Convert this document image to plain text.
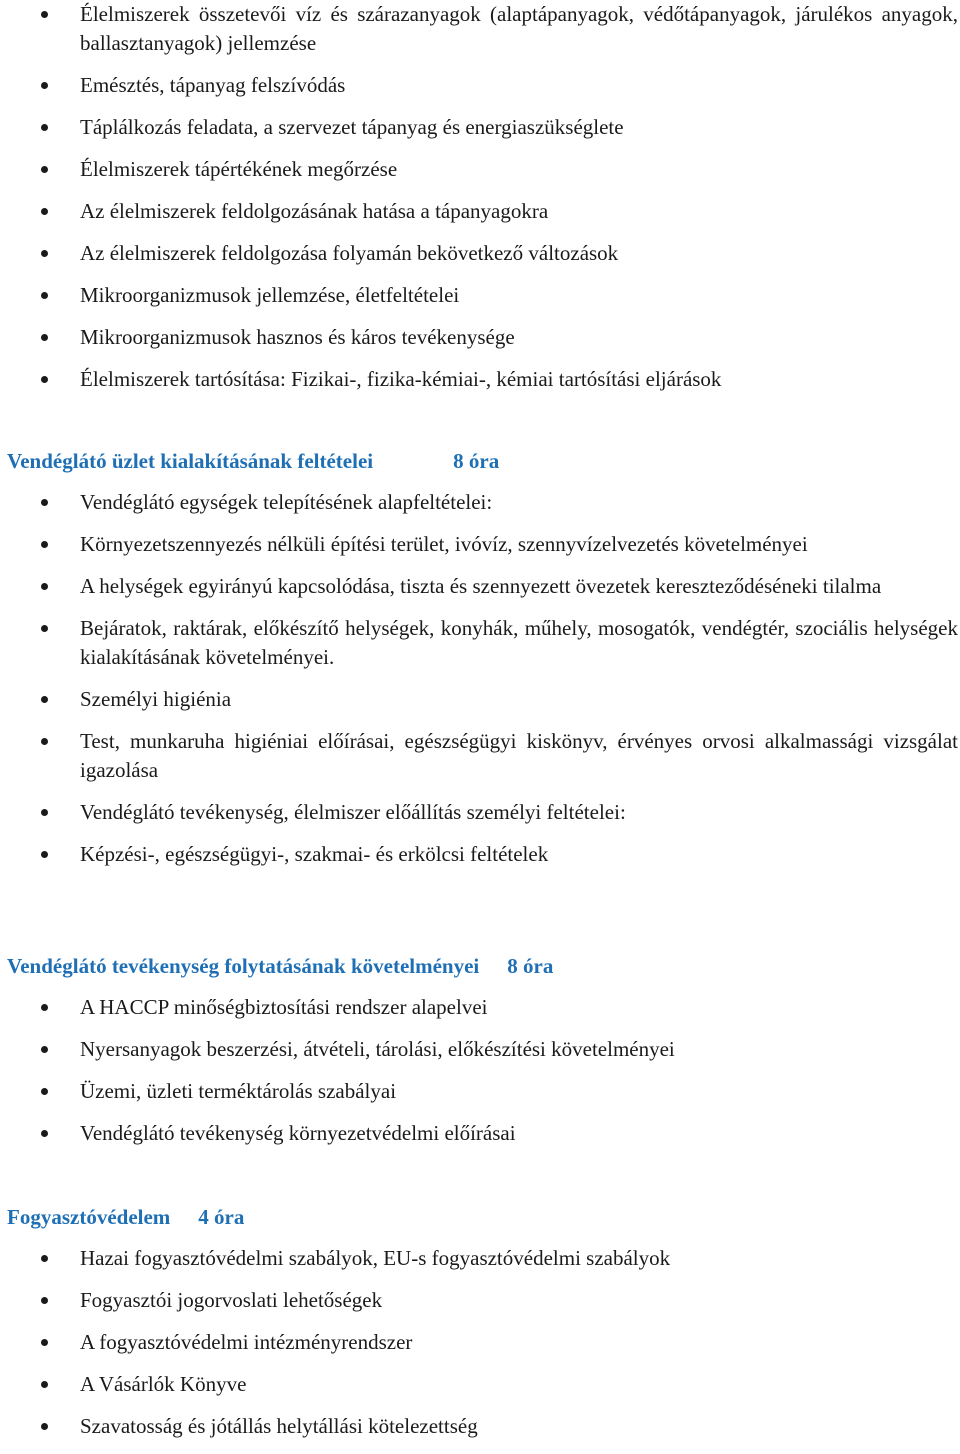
Élelmiszerek összetevői víz és szárazanyagok (alaptápanyagok, védőtápanyagok, járulékos anyagok, ballasztanyagok) jellemzése
Emésztés, tápanyag felszívódás
Táplálkozás feladata, a szervezet tápanyag és energiaszükséglete
Élelmiszerek tápértékének megőrzése
Az élelmiszerek feldolgozásának hatása a tápanyagokra
Az élelmiszerek feldolgozása folyamán bekövetkező változások
Mikroorganizmusok jellemzése, életfeltételei
Mikroorganizmusok hasznos és káros tevékenysége
Élelmiszerek tartósítása: Fizikai-, fizika-kémiai-, kémiai tartósítási eljárások
Vendéglátó üzlet kialakításának feltételei	8 óra
Vendéglátó egységek telepítésének alapfeltételei:
Környezetszennyezés nélküli építési terület, ivóvíz, szennyvízelvezetés követelményei
A helységek egyirányú kapcsolódása, tiszta és szennyezett övezetek kereszteződéséneki tilalma
Bejáratok, raktárak, előkészítő helységek, konyhák, műhely, mosogatók, vendégtér, szociális helységek kialakításának követelményei.
Személyi higiénia
Test, munkaruha higiéniai előírásai, egészségügyi kiskönyv, érvényes orvosi alkalmassági vizsgálat igazolása
Vendéglátó tevékenység, élelmiszer előállítás személyi feltételei:
Képzési-, egészségügyi-, szakmai- és erkölcsi feltételek
Vendéglátó tevékenység folytatásának követelményei 8 óra
A HACCP minőségbiztosítási rendszer alapelvei
Nyersanyagok beszerzési, átvételi, tárolási, előkészítési követelményei
Üzemi, üzleti terméktárolás szabályai
Vendéglátó tevékenység környezetvédelmi előírásai
Fogyasztóvédelem 4 óra
Hazai fogyasztóvédelmi szabályok, EU-s fogyasztóvédelmi szabályok
Fogyasztói jogorvoslati lehetőségek
A fogyasztóvédelmi intézményrendszer
A Vásárlók Könyve
Szavatosság és jótállás helytállási kötelezettség
